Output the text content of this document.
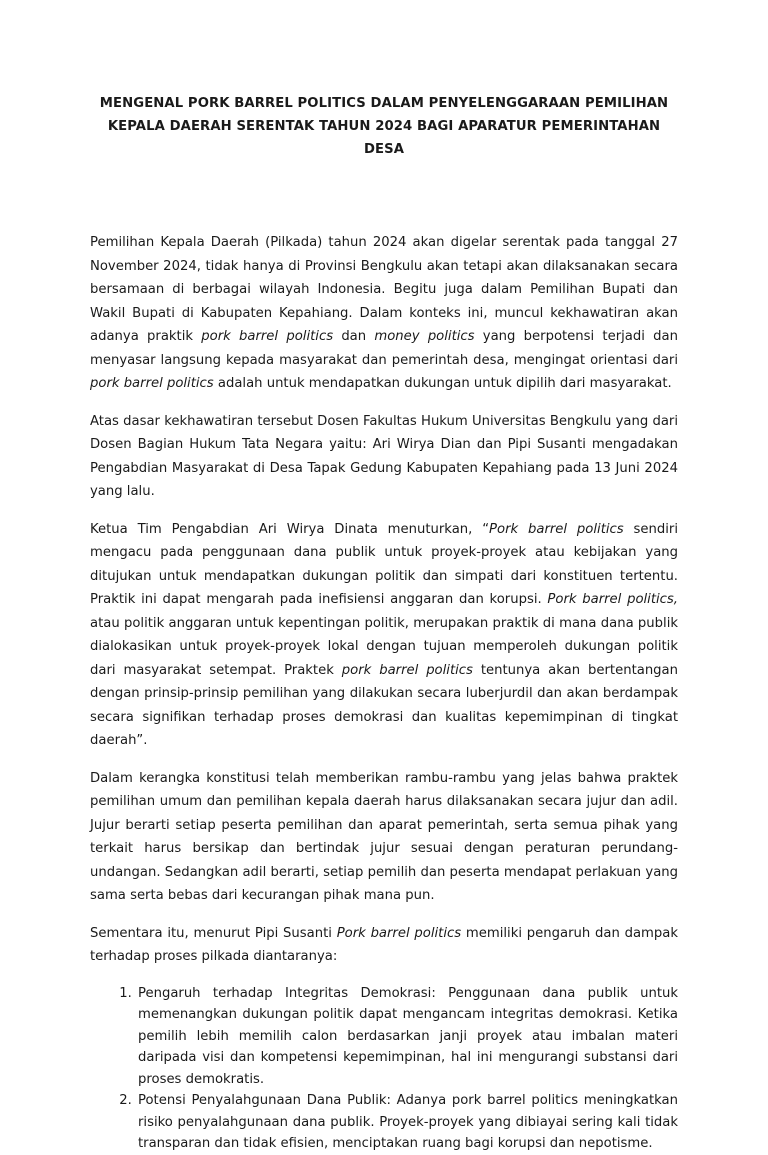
MENGENAL PORK BARREL POLITICS DALAM PENYELENGGARAAN PEMILIHAN
KEPALA DAERAH SERENTAK TAHUN 2024 BAGI APARATUR PEMERINTAHAN DESA

Pemilihan Kepala Daerah (Pilkada) tahun 2024 akan digelar serentak pada tanggal 27 November 2024, tidak hanya di Provinsi Bengkulu akan tetapi akan dilaksanakan secara bersamaan di berbagai wilayah Indonesia. Begitu juga dalam Pemilihan Bupati dan Wakil Bupati di Kabupaten Kepahiang. Dalam konteks ini, muncul kekhawatiran akan adanya praktik pork barrel politics dan money politics yang berpotensi terjadi dan menyasar langsung kepada masyarakat dan pemerintah desa, mengingat orientasi dari pork barrel politics adalah untuk mendapatkan dukungan untuk dipilih dari masyarakat.

Atas dasar kekhawatiran tersebut Dosen Fakultas Hukum Universitas Bengkulu yang dari Dosen Bagian Hukum Tata Negara yaitu: Ari Wirya Dian dan Pipi Susanti mengadakan Pengabdian Masyarakat di Desa Tapak Gedung Kabupaten Kepahiang pada 13 Juni 2024 yang lalu.

Ketua Tim Pengabdian Ari Wirya Dinata menuturkan, “Pork barrel politics sendiri mengacu pada penggunaan dana publik untuk proyek-proyek atau kebijakan yang ditujukan untuk mendapatkan dukungan politik dan simpati dari konstituen tertentu. Praktik ini dapat mengarah pada inefisiensi anggaran dan korupsi. Pork barrel politics, atau politik anggaran untuk kepentingan politik, merupakan praktik di mana dana publik dialokasikan untuk proyek-proyek lokal dengan tujuan memperoleh dukungan politik dari masyarakat setempat. Praktek pork barrel politics tentunya akan bertentangan dengan prinsip-prinsip pemilihan yang dilakukan secara luberjurdil dan akan berdampak secara signifikan terhadap proses demokrasi dan kualitas kepemimpinan di tingkat daerah”.

Dalam kerangka konstitusi telah memberikan rambu-rambu yang jelas bahwa praktek pemilihan umum dan pemilihan kepala daerah harus dilaksanakan secara jujur dan adil. Jujur berarti setiap peserta pemilihan dan aparat pemerintah, serta semua pihak yang terkait harus bersikap dan bertindak jujur sesuai dengan peraturan perundang-undangan. Sedangkan adil berarti, setiap pemilih dan peserta mendapat perlakuan yang sama serta bebas dari kecurangan pihak mana pun.

Sementara itu, menurut Pipi Susanti Pork barrel politics memiliki pengaruh dan dampak terhadap proses pilkada diantaranya:

1. Pengaruh terhadap Integritas Demokrasi: Penggunaan dana publik untuk memenangkan dukungan politik dapat mengancam integritas demokrasi. Ketika pemilih lebih memilih calon berdasarkan janji proyek atau imbalan materi daripada visi dan kompetensi kepemimpinan, hal ini mengurangi substansi dari proses demokratis.
2. Potensi Penyalahgunaan Dana Publik: Adanya pork barrel politics meningkatkan risiko penyalahgunaan dana publik. Proyek-proyek yang dibiayai sering kali tidak transparan dan tidak efisien, menciptakan ruang bagi korupsi dan nepotisme.
